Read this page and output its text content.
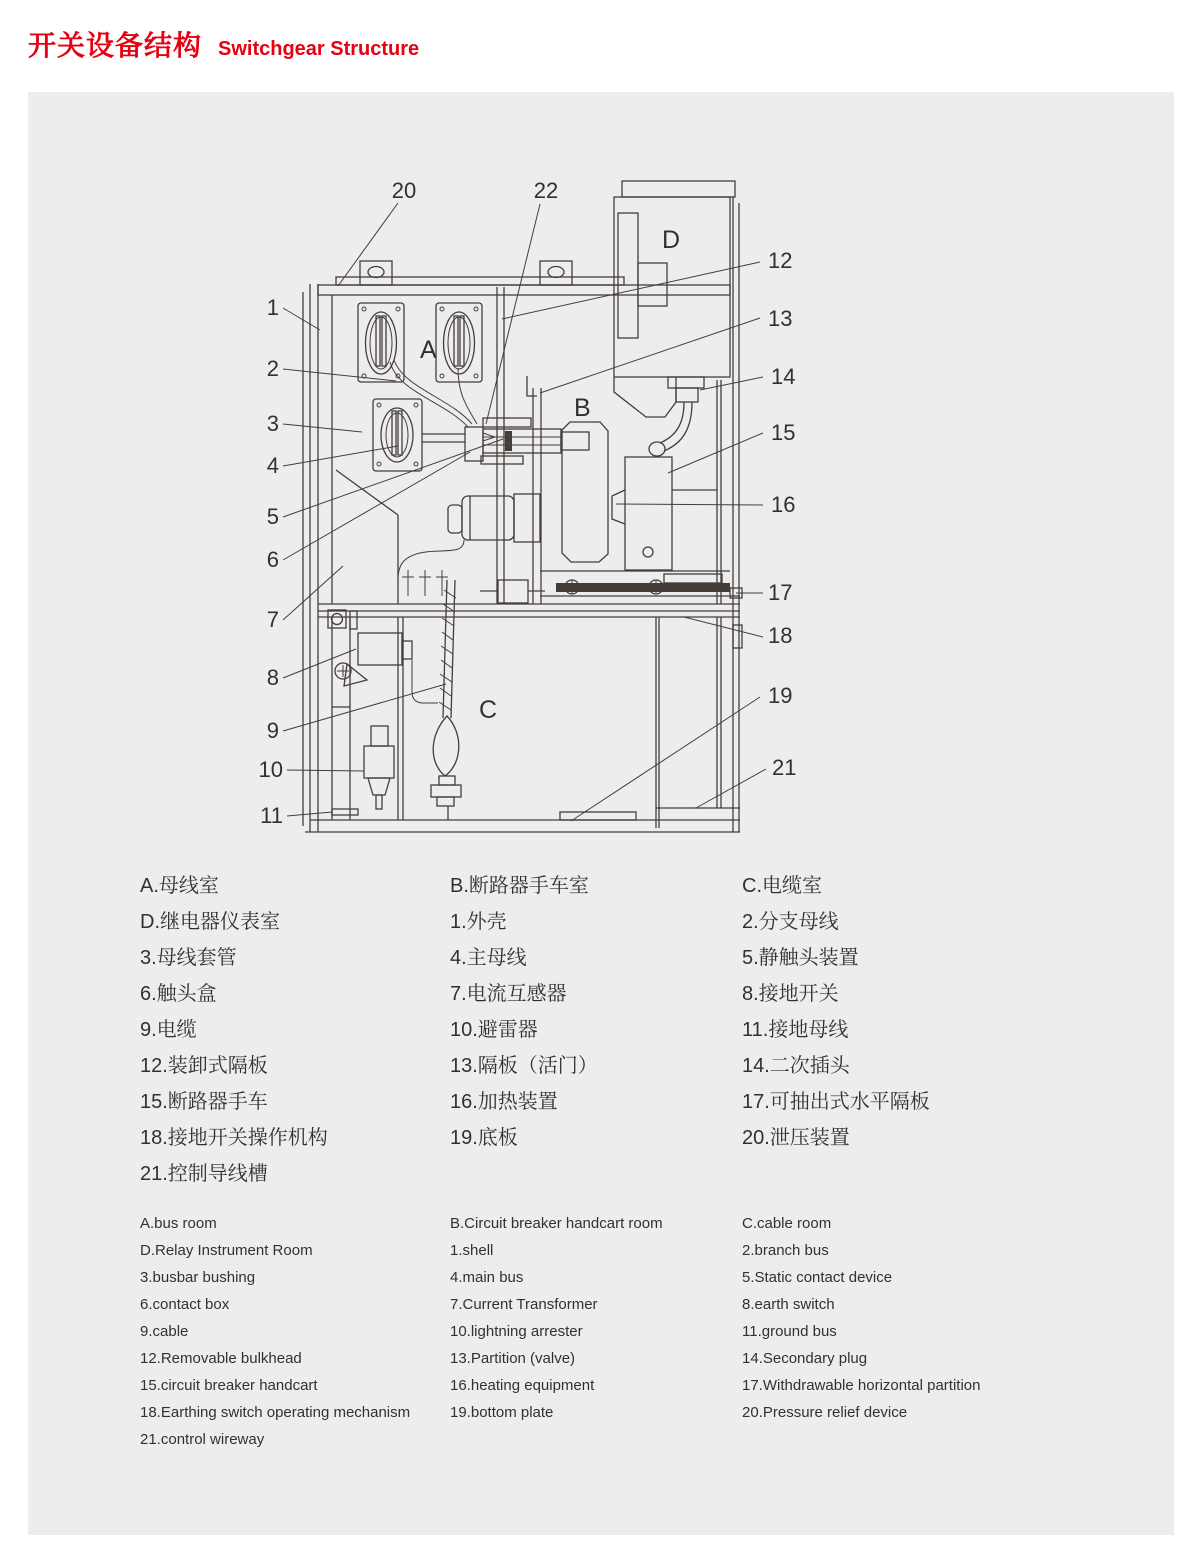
开关设备结构 Switchgear Structure
20	22
1
2
3
4
5
6
7
8
9
10
11
12
13
14
15
16
17
18
19
21
A
B
C
D
A.母线室	B.断路器手车室	C.电缆室
D.继电器仪表室	1.外壳	2.分支母线
3.母线套管	4.主母线	5.静触头装置
6.触头盒	7.电流互感器	8.接地开关
9.电缆	10.避雷器	11.接地母线
12.装卸式隔板	13.隔板（活门）	14.二次插头
15.断路器手车	16.加热装置	17.可抽出式水平隔板
18.接地开关操作机构	19.底板	20.泄压装置
21.控制导线槽
A.bus room	B.Circuit breaker handcart room	C.cable room
D.Relay Instrument Room	1.shell	2.branch bus
3.busbar bushing	4.main bus	5.Static contact device
6.contact box	7.Current Transformer	8.earth switch
9.cable	10.lightning arrester	11.ground bus
12.Removable bulkhead	13.Partition (valve)	14.Secondary plug
15.circuit breaker handcart	16.heating equipment	17.Withdrawable horizontal partition
18.Earthing switch operating mechanism	19.bottom plate	20.Pressure relief device
21.control wireway
